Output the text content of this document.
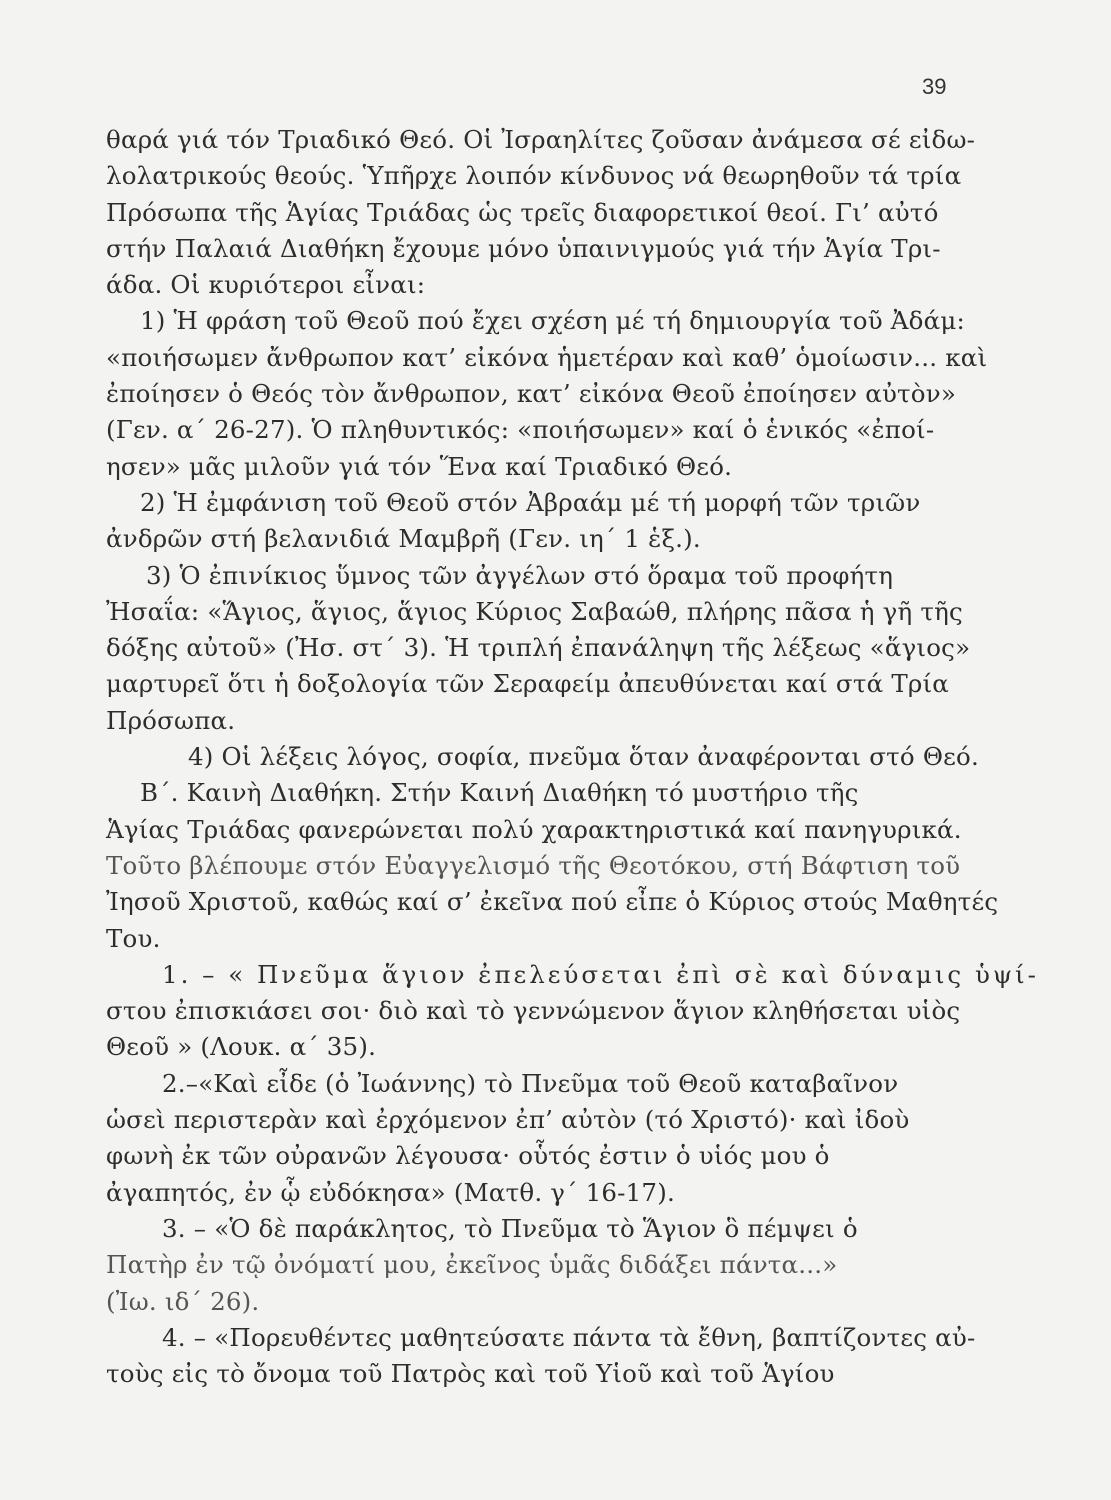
39
θαρά γιά τόν Τριαδικό Θεό. Οἱ Ἰσραηλίτες ζοῦσαν ἀνάμεσα σέ εἰδω-
λολατρικούς θεούς. Ὑπῆρχε λοιπόν κίνδυνος νά θεωρηθοῦν τά τρία
Πρόσωπα τῆς Ἁγίας Τριάδας ὡς τρεῖς διαφορετικοί θεοί. Γι’ αὐτό
στήν Παλαιά Διαθήκη ἔχουμε μόνο ὑπαινιγμούς γιά τήν Ἁγία Τρι-
άδα. Οἱ κυριότεροι εἶναι:
1) Ἡ φράση τοῦ Θεοῦ πού ἔχει σχέση μέ τή δημιουργία τοῦ Ἀδάμ:
«ποιήσωμεν ἄνθρωπον κατ’ εἰκόνα ἡμετέραν καὶ καθ’ ὁμοίωσιν... καὶ
ἐποίησεν ὁ Θεός τὸν ἄνθρωπον, κατ’ εἰκόνα Θεοῦ ἐποίησεν αὐτὸν»
(Γεν. α΄ 26-27). Ὁ πληθυντικός: «ποιήσωμεν» καί ὁ ἑνικός «ἐποί-
ησεν» μᾶς μιλοῦν γιά τόν Ἕνα καί Τριαδικό Θεό.
2) Ἡ ἐμφάνιση τοῦ Θεοῦ στόν Ἀβραάμ μέ τή μορφή τῶν τριῶν
ἀνδρῶν στή βελανιδιά Μαμβρῆ (Γεν. ιη΄ 1 ἑξ.).
3) Ὁ ἐπινίκιος ὕμνος τῶν ἀγγέλων στό ὅραμα τοῦ προφήτη
Ἠσαΐα: «Ἅγιος, ἅγιος, ἅγιος Κύριος Σαβαώθ, πλήρης πᾶσα ἡ γῆ τῆς
δόξης αὐτοῦ» (Ἠσ. στ΄ 3). Ἡ τριπλή ἐπανάληψη τῆς λέξεως «ἅγιος»
μαρτυρεῖ ὅτι ἡ δοξολογία τῶν Σεραφείμ ἀπευθύνεται καί στά Τρία
Πρόσωπα.
4) Οἱ λέξεις λόγος, σοφία, πνεῦμα ὅταν ἀναφέρονται στό Θεό.
Β΄. Καινὴ Διαθήκη. Στήν Καινή Διαθήκη τό μυστήριο τῆς
Ἁγίας Τριάδας φανερώνεται πολύ χαρακτηριστικά καί πανηγυρικά.
Τοῦτο βλέπουμε στόν Εὐαγγελισμό τῆς Θεοτόκου, στή Βάφτιση τοῦ
Ἰησοῦ Χριστοῦ, καθώς καί σ’ ἐκεῖνα πού εἶπε ὁ Κύριος στούς Μαθητές
Του.
1. – « Πνεῦμα ἅγιον ἐπελεύσεται ἐπὶ σὲ καὶ δύναμις ὑψί-
στου ἐπισκιάσει σοι· διὸ καὶ τὸ γεννώμενον ἅγιον κληθήσεται υἱὸς
Θεοῦ » (Λουκ. α΄ 35).
2.–«Καὶ εἶδε (ὁ Ἰωάννης) τὸ Πνεῦμα τοῦ Θεοῦ καταβαῖνον
ὡσεὶ περιστερὰν καὶ ἐρχόμενον ἐπ’ αὐτὸν (τό Χριστό)· καὶ ἰδοὺ
φωνὴ ἐκ τῶν οὐρανῶν λέγουσα· οὗτός ἐστιν ὁ υἱός μου ὁ
ἀγαπητός, ἐν ᾧ εὐδόκησα» (Ματθ. γ΄ 16-17).
3. – «Ὁ δὲ παράκλητος, τὸ Πνεῦμα τὸ Ἅγιον ὃ πέμψει ὁ
Πατὴρ ἐν τῷ ὀνόματί μου, ἐκεῖνος ὑμᾶς διδάξει πάντα...»
(Ἰω. ιδ΄ 26).
4. – «Πορευθέντες μαθητεύσατε πάντα τὰ ἔθνη, βαπτίζοντες αὐ-
τοὺς εἰς τὸ ὄνομα τοῦ Πατρὸς καὶ τοῦ Υἱοῦ καὶ τοῦ Ἁγίου
